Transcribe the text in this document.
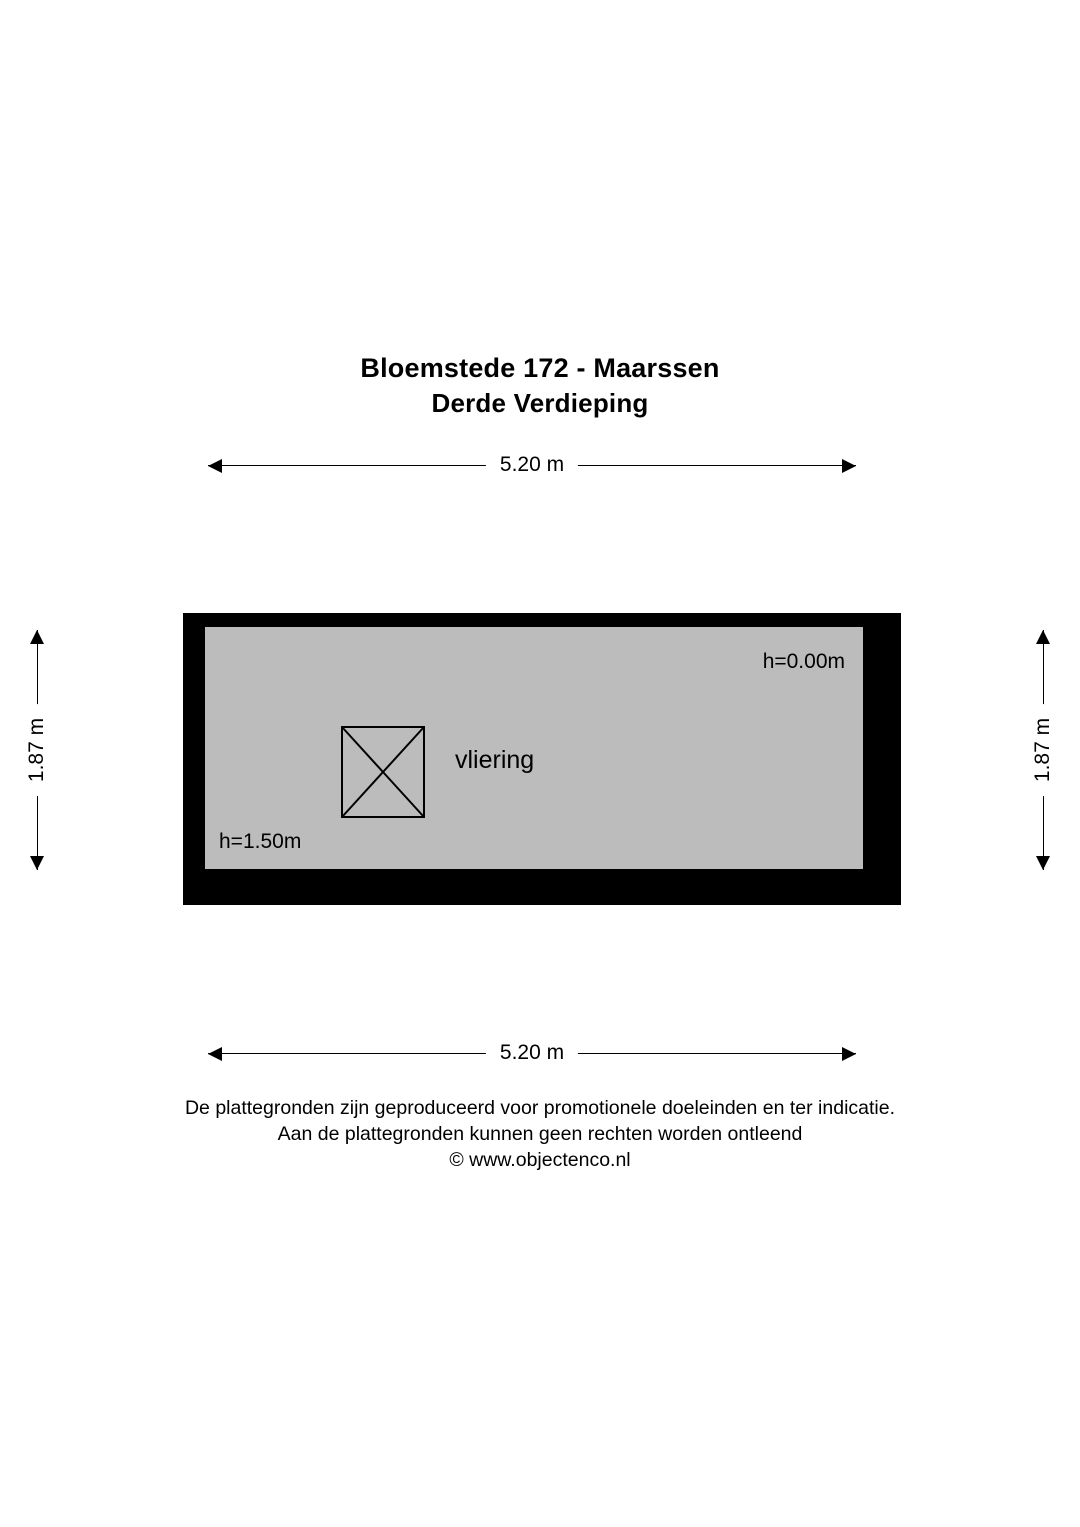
Bloemstede 172 - Maarssen
Derde Verdieping
5.20 m
1.87 m	1.87 m
h=0.00m
vliering
h=1.50m
5.20 m
De plattegronden zijn geproduceerd voor promotionele doeleinden en ter indicatie.
Aan de plattegronden kunnen geen rechten worden ontleend
© www.objectenco.nl
